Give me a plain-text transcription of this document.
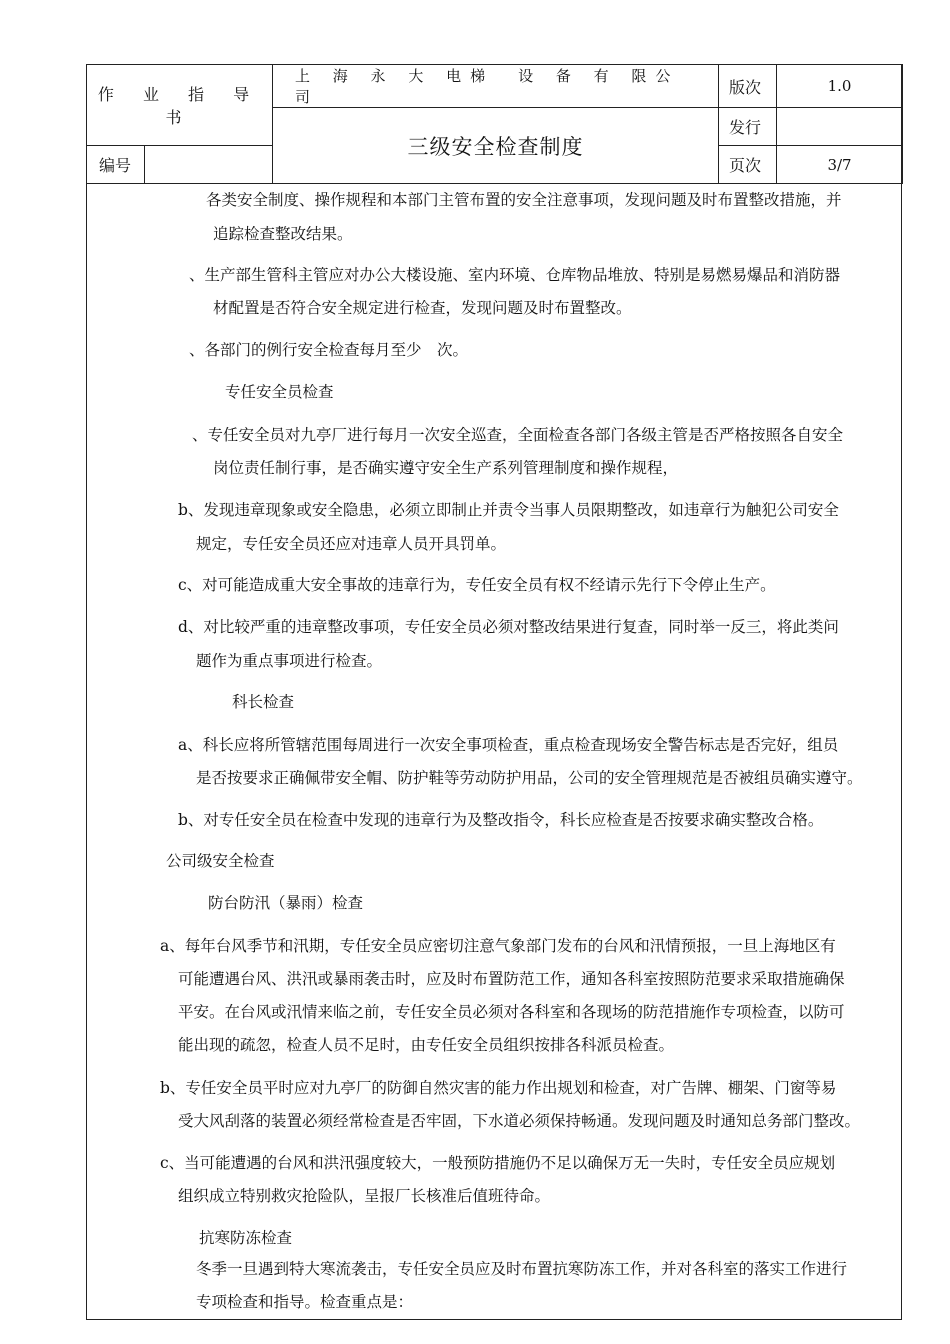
作 业 指 导 书		上 海 永 大 电梯　设 备 有 限公　司	版次	1.0
		三级安全检查制度	发行	
编号			页次	3/7
各类安全制度、操作规程和本部门主管布置的安全注意事项，发现问题及时布置整改措施，并
追踪检查整改结果。
、生产部生管科主管应对办公大楼设施、室内环境、仓库物品堆放、特别是易燃易爆品和消防器
材配置是否符合安全规定进行检查，发现问题及时布置整改。
、各部门的例行安全检查每月至少　次。
专任安全员检查
、专任安全员对九亭厂进行每月一次安全巡查，全面检查各部门各级主管是否严格按照各自安全
岗位责任制行事，是否确实遵守安全生产系列管理制度和操作规程，
b、发现违章现象或安全隐患，必须立即制止并责令当事人员限期整改，如违章行为触犯公司安全
规定，专任安全员还应对违章人员开具罚单。
c、对可能造成重大安全事故的违章行为，专任安全员有权不经请示先行下令停止生产。
d、对比较严重的违章整改事项，专任安全员必须对整改结果进行复查，同时举一反三，将此类问
题作为重点事项进行检查。
科长检查
a、科长应将所管辖范围每周进行一次安全事项检查，重点检查现场安全警告标志是否完好，组员
是否按要求正确佩带安全帽、防护鞋等劳动防护用品，公司的安全管理规范是否被组员确实遵守。
b、对专任安全员在检查中发现的违章行为及整改指令，科长应检查是否按要求确实整改合格。
公司级安全检查
防台防汛（暴雨）检查
a、每年台风季节和汛期，专任安全员应密切注意气象部门发布的台风和汛情预报，一旦上海地区有
可能遭遇台风、洪汛或暴雨袭击时，应及时布置防范工作，通知各科室按照防范要求采取措施确保
平安。在台风或汛情来临之前，专任安全员必须对各科室和各现场的防范措施作专项检查，以防可
能出现的疏忽，检查人员不足时，由专任安全员组织按排各科派员检查。
b、专任安全员平时应对九亭厂的防御自然灾害的能力作出规划和检查，对广告牌、棚架、门窗等易
受大风刮落的装置必须经常检查是否牢固，下水道必须保持畅通。发现问题及时通知总务部门整改。
c、当可能遭遇的台风和洪汛强度较大，一般预防措施仍不足以确保万无一失时，专任安全员应规划
组织成立特别救灾抢险队，呈报厂长核准后值班待命。
抗寒防冻检查
冬季一旦遇到特大寒流袭击，专任安全员应及时布置抗寒防冻工作，并对各科室的落实工作进行
专项检查和指导。检查重点是：
